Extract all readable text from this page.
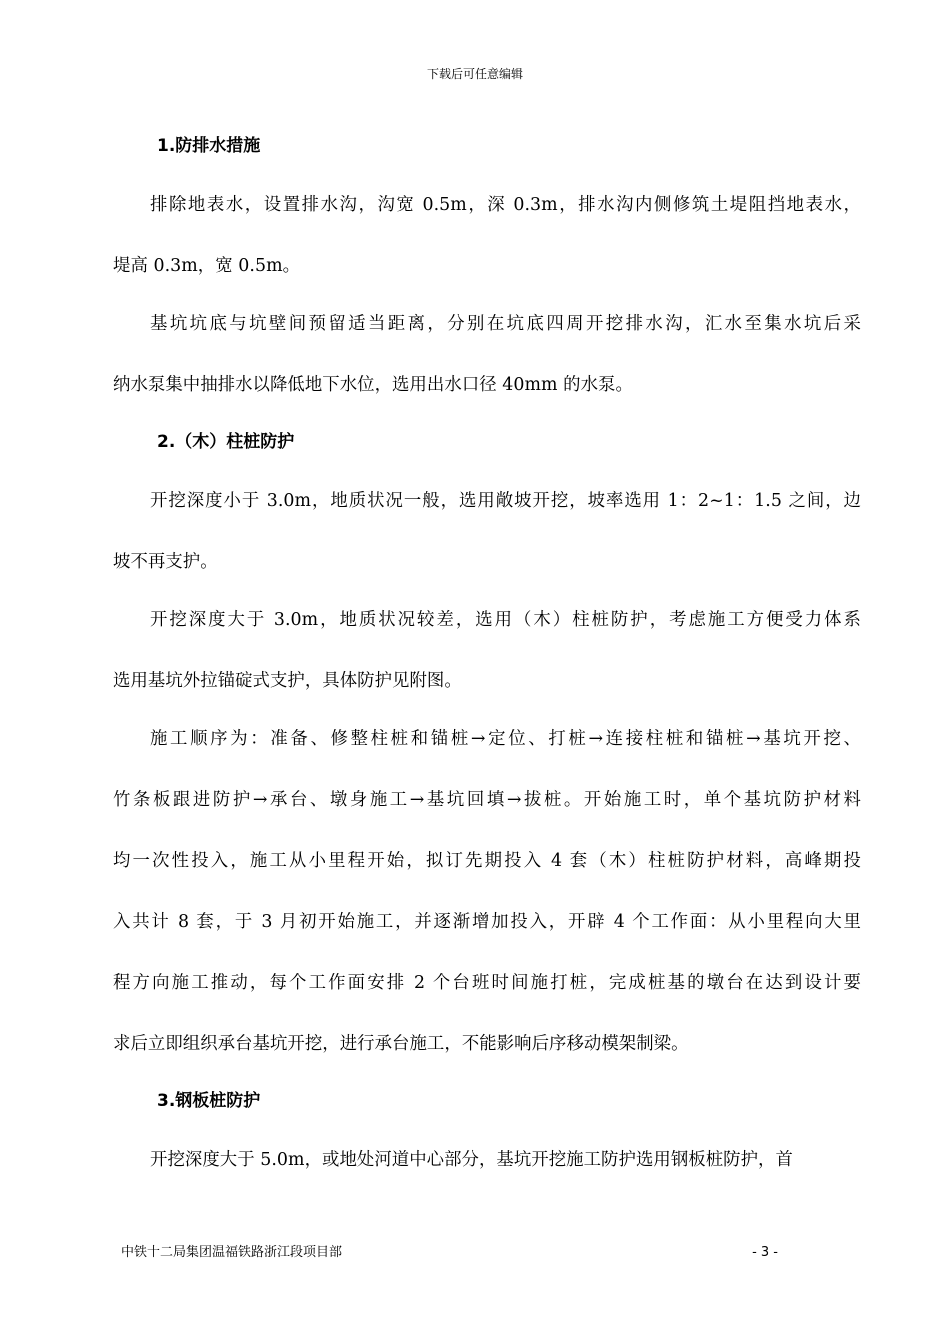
下载后可任意编辑
1.防排水措施
排除地表水，设置排水沟，沟宽 0.5m，深 0.3m，排水沟内侧修筑土堤阻挡地表水，
堤高 0.3m，宽 0.5m。
基坑坑底与坑壁间预留适当距离，分别在坑底四周开挖排水沟，汇水至集水坑后采
纳水泵集中抽排水以降低地下水位，选用出水口径 40mm 的水泵。
2.（木）柱桩防护
开挖深度小于 3.0m，地质状况一般，选用敞坡开挖，坡率选用 1：2~1：1.5 之间，边
坡不再支护。
开挖深度大于 3.0m，地质状况较差，选用（木）柱桩防护，考虑施工方便受力体系
选用基坑外拉锚碇式支护，具体防护见附图。
施工顺序为：准备、修整柱桩和锚桩→定位、打桩→连接柱桩和锚桩→基坑开挖、
竹条板跟进防护→承台、墩身施工→基坑回填→拔桩。开始施工时，单个基坑防护材料
均一次性投入，施工从小里程开始，拟订先期投入 4 套（木）柱桩防护材料，高峰期投
入共计 8 套，于 3 月初开始施工，并逐渐增加投入，开辟 4 个工作面：从小里程向大里
程方向施工推动，每个工作面安排 2 个台班时间施打桩，完成桩基的墩台在达到设计要
求后立即组织承台基坑开挖，进行承台施工，不能影响后序移动模架制梁。
3.钢板桩防护
开挖深度大于 5.0m，或地处河道中心部分，基坑开挖施工防护选用钢板桩防护，首
中铁十二局集团温福铁路浙江段项目部	- 3 -
